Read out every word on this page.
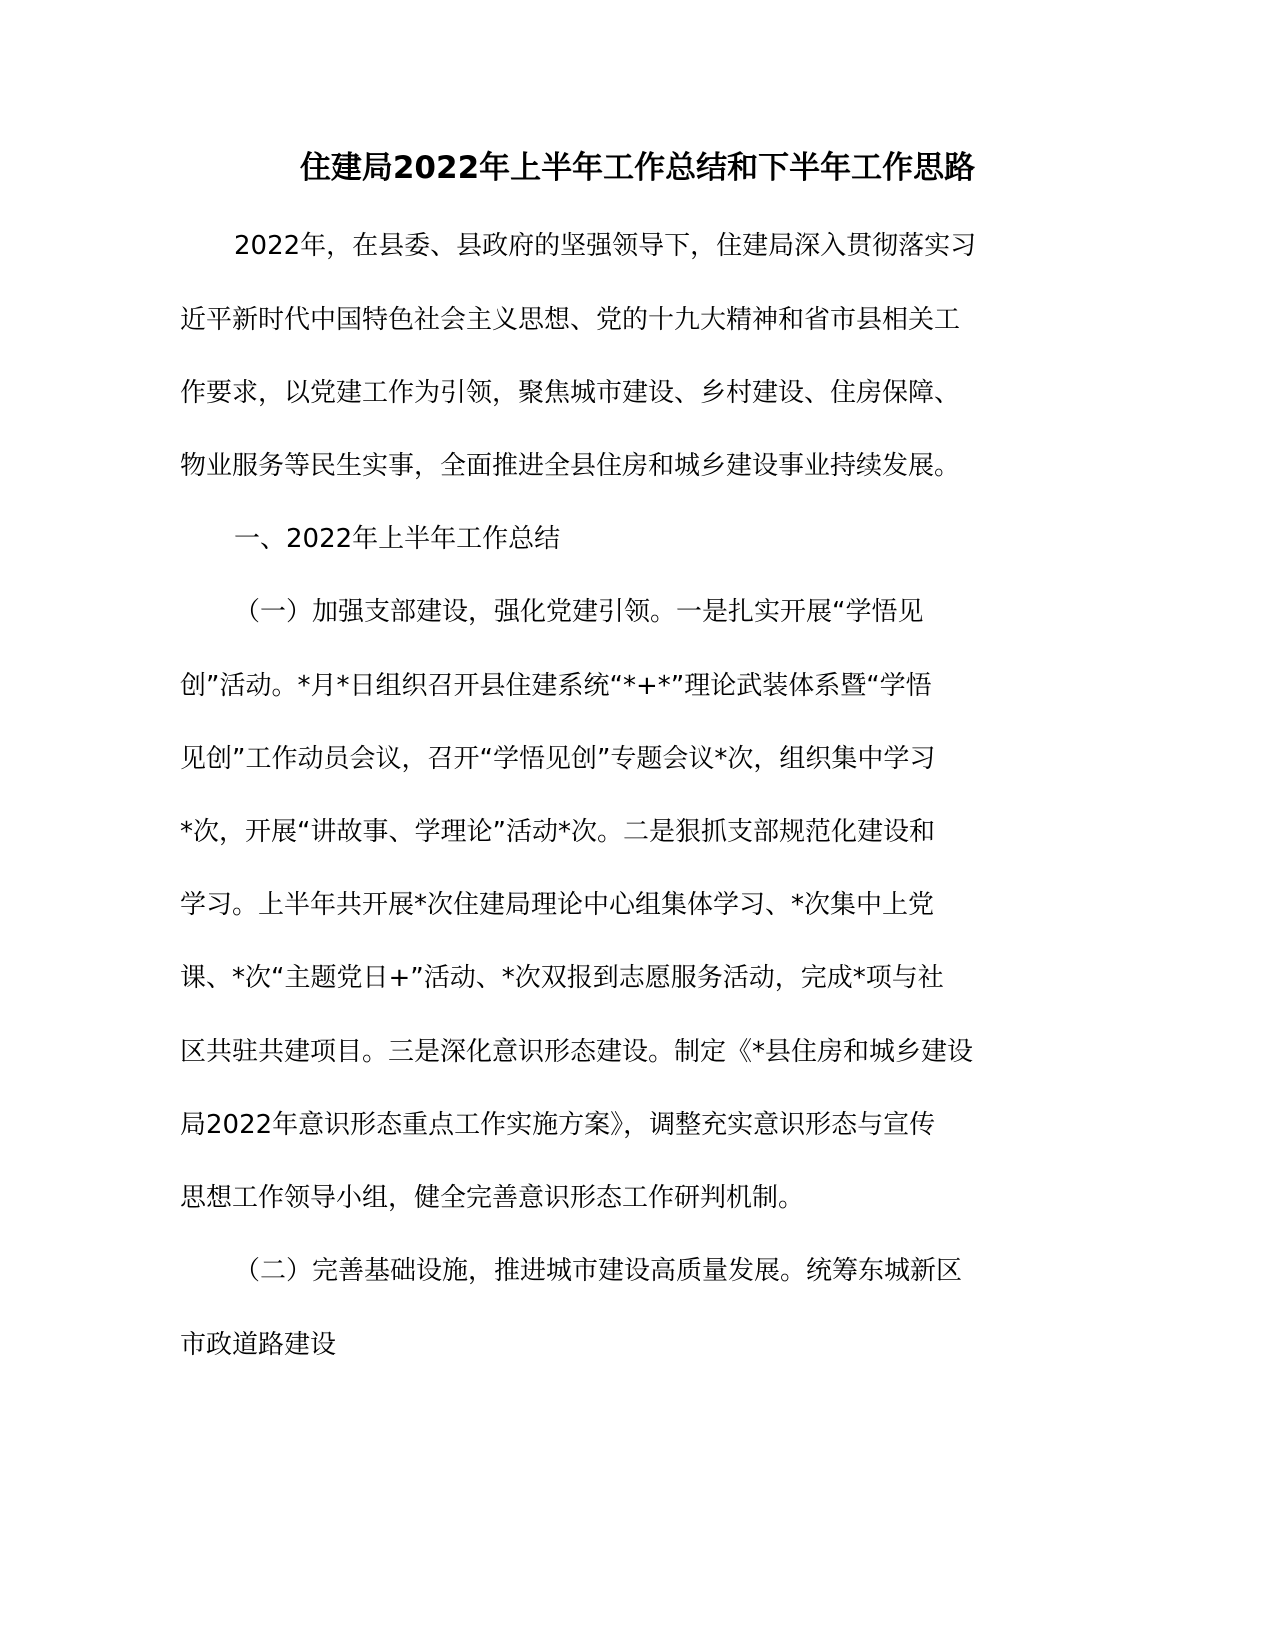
住建局2022年上半年工作总结和下半年工作思路

2022年，在县委、县政府的坚强领导下，住建局深入贯彻落实习

近平新时代中国特色社会主义思想、党的十九大精神和省市县相关工

作要求，以党建工作为引领，聚焦城市建设、乡村建设、住房保障、

物业服务等民生实事，全面推进全县住房和城乡建设事业持续发展。

一、2022年上半年工作总结

（一）加强支部建设，强化党建引领。一是扎实开展“学悟见

创”活动。*月*日组织召开县住建系统“*+*”理论武装体系暨“学悟

见创”工作动员会议，召开“学悟见创”专题会议*次，组织集中学习

*次，开展“讲故事、学理论”活动*次。二是狠抓支部规范化建设和

学习。上半年共开展*次住建局理论中心组集体学习、*次集中上党

课、*次“主题党日+”活动、*次双报到志愿服务活动，完成*项与社

区共驻共建项目。三是深化意识形态建设。制定《*县住房和城乡建设

局2022年意识形态重点工作实施方案》，调整充实意识形态与宣传

思想工作领导小组，健全完善意识形态工作研判机制。

（二）完善基础设施，推进城市建设高质量发展。统筹东城新区

市政道路建设
